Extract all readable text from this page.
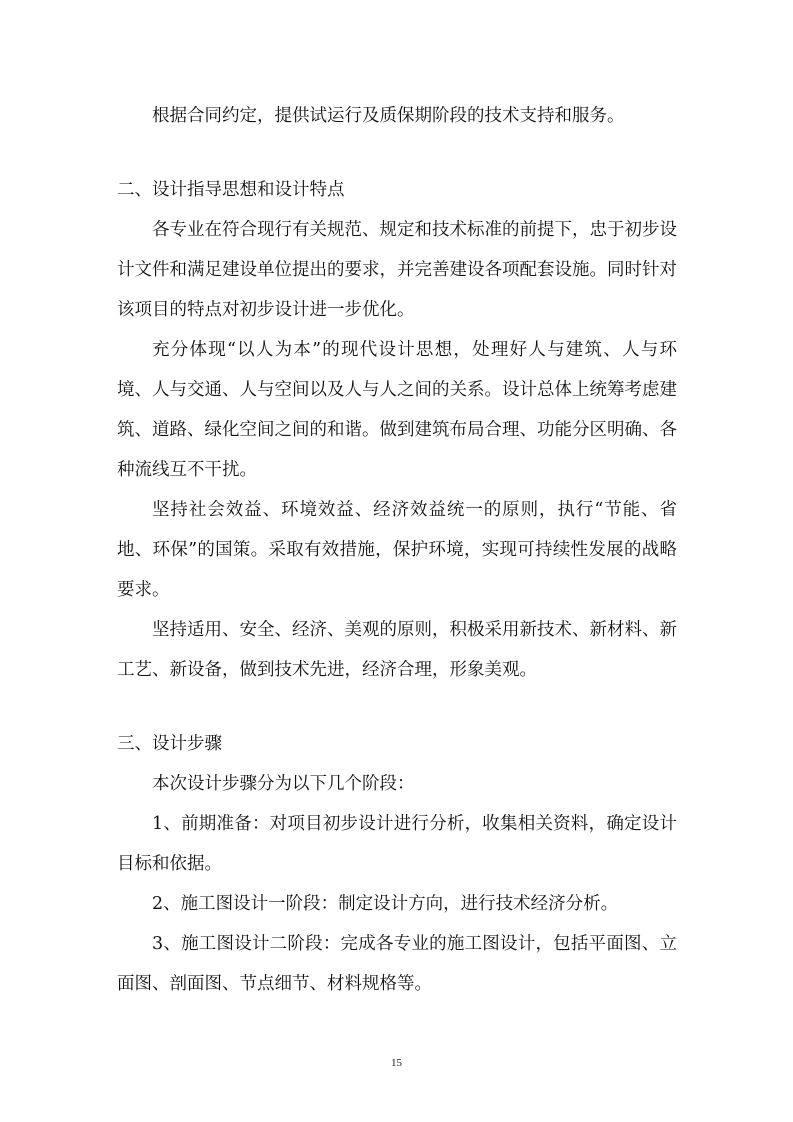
根据合同约定，提供试运行及质保期阶段的技术支持和服务。

二、设计指导思想和设计特点

各专业在符合现行有关规范、规定和技术标准的前提下，忠于初步设计文件和满足建设单位提出的要求，并完善建设各项配套设施。同时针对该项目的特点对初步设计进一步优化。

充分体现“以人为本”的现代设计思想，处理好人与建筑、人与环境、人与交通、人与空间以及人与人之间的关系。设计总体上统筹考虑建筑、道路、绿化空间之间的和谐。做到建筑布局合理、功能分区明确、各种流线互不干扰。

坚持社会效益、环境效益、经济效益统一的原则，执行“节能、省地、环保”的国策。采取有效措施，保护环境，实现可持续性发展的战略要求。

坚持适用、安全、经济、美观的原则，积极采用新技术、新材料、新工艺、新设备，做到技术先进，经济合理，形象美观。

三、设计步骤

本次设计步骤分为以下几个阶段：

1、前期准备：对项目初步设计进行分析，收集相关资料，确定设计目标和依据。

2、施工图设计一阶段：制定设计方向，进行技术经济分析。

3、施工图设计二阶段：完成各专业的施工图设计，包括平面图、立面图、剖面图、节点细节、材料规格等。

15
